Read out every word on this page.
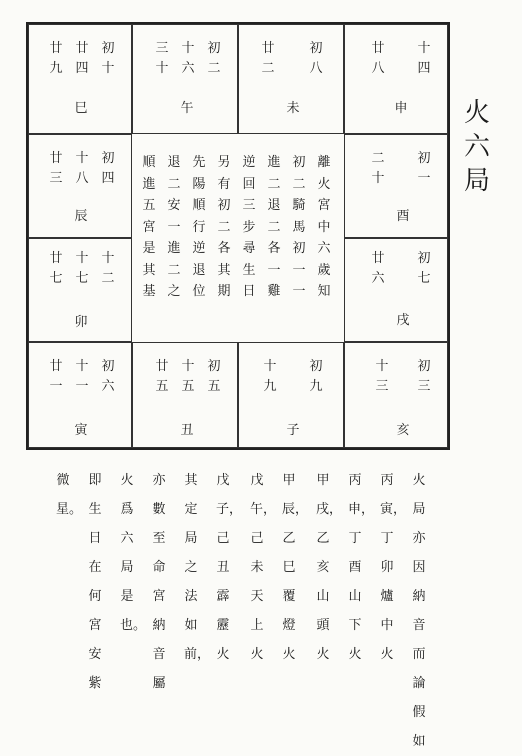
初十
廿四
廿九
巳
初二
十六
三十
午
初八
廿二
未
十四
廿八
申
初四
十八
廿三
辰
初一
二十
酉
十二
十七
廿七
卯
初七
廿六
戌
初六
十一
廿一
寅
初五
十五
廿五
丑
初九
十九
子
初三
十三
亥
離火宮中六歲知
初二騎馬初一一
進二退二各一雞
逆回三步尋生日
另有初二各其期
先陽順行逆退位
退二安一進二之
順進五宮是其基
火六局
火局亦因納音而論假如
丙寅，丁卯爐中火
丙申，丁酉山下火
甲戌，乙亥山頭火
甲辰，乙巳覆燈火
戊午，己未天上火
戊子，己丑霹靂火
其定局之法如前，
亦數至命宮納音屬
火爲六局是也。
即生日在何宮安紫
微星。
